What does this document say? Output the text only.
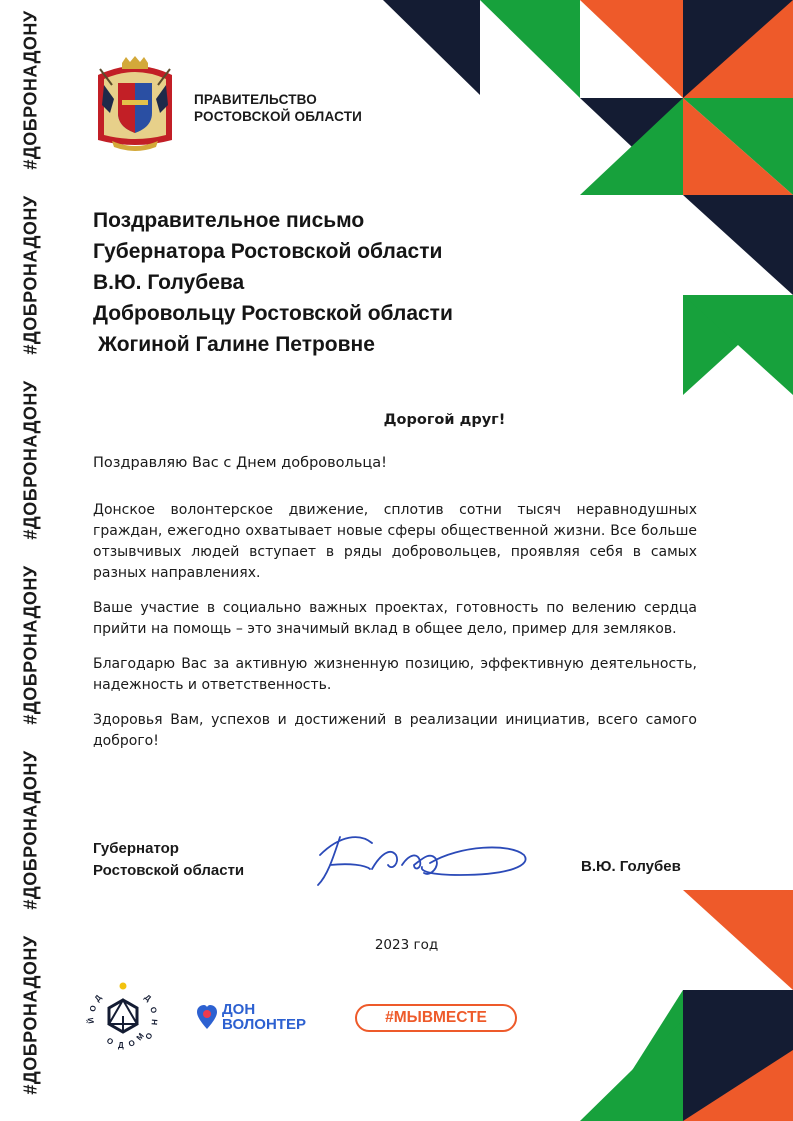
#ДОБРОНАДОНУ
#ДОБРОНАДОНУ
#ДОБРОНАДОНУ
#ДОБРОНАДОНУ
#ДОБРОНАДОНУ
#ДОБРОНАДОНУ
ПРАВИТЕЛЬСТВО
РОСТОВСКОЙ ОБЛАСТИ
Поздравительное письмо
Губернатора Ростовской области
В.Ю. Голубева
Добровольцу Ростовской области
Жогиной Галине Петровне
Дорогой друг!
Поздравляю Вас с Днем добровольца!

Донское волонтерское движение, сплотив сотни тысяч неравнодушных граждан, ежегодно охватывает новые сферы общественной жизни. Все больше отзывчивых людей вступает в ряды добровольцев, проявляя себя в самых разных направлениях.

Ваше участие в социально важных проектах, готовность по велению сердца прийти на помощь – это значимый вклад в общее дело, пример для земляков.

Благодарю Вас за активную жизненную позицию, эффективную деятельность, надежность и ответственность.

Здоровья Вам, успехов и достижений в реализации инициатив, всего самого доброго!

Губернатор
Ростовской области	В.Ю. Голубев
2023 год
Д
О
Й
Д
О
Н
О
О Д О
М
ДОН
ВОЛОНТЕР	#МЫВМЕСТЕ
